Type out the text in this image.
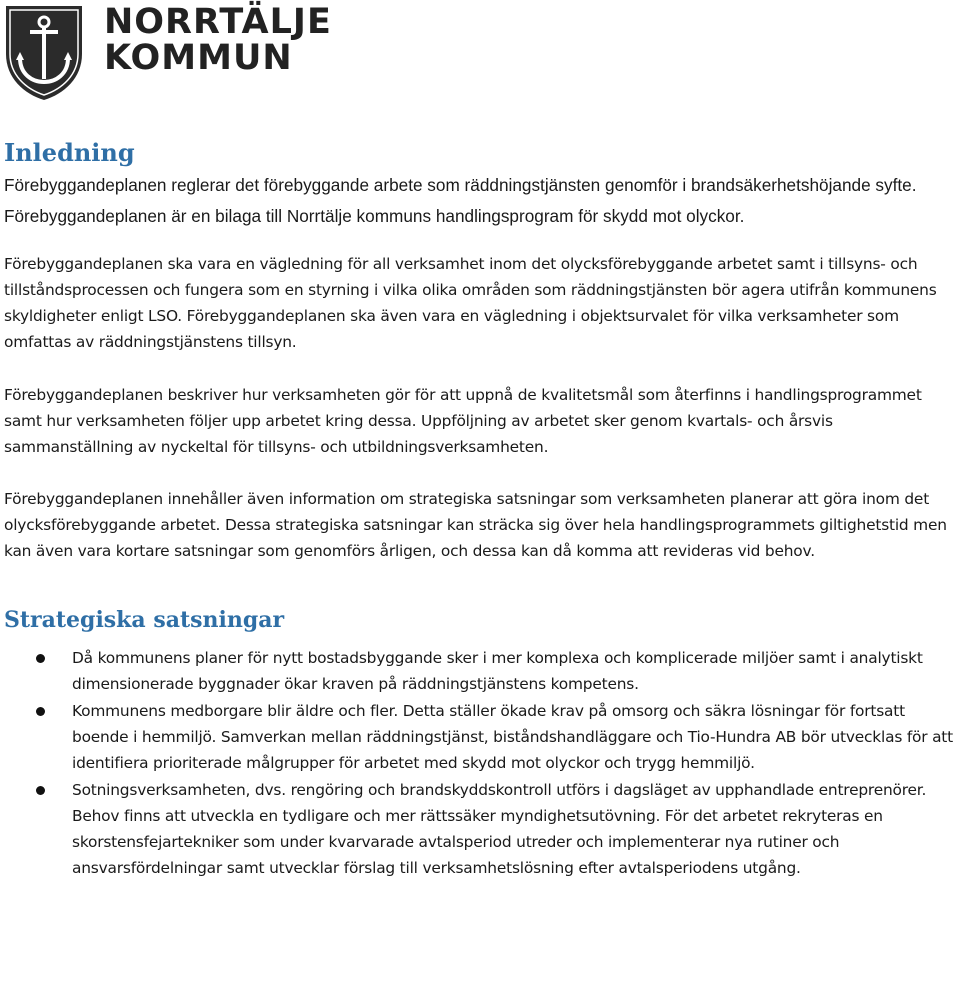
NORRTÄLJE
KOMMUN
Inledning

Förebyggandeplanen reglerar det förebyggande arbete som räddningstjänsten genomför i brandsäkerhetshöjande syfte. Förebyggandeplanen är en bilaga till Norrtälje kommuns handlingsprogram för skydd mot olyckor.

Förebyggandeplanen ska vara en vägledning för all verksamhet inom det olycksförebyggande arbetet samt i tillsyns- och tillståndsprocessen och fungera som en styrning i vilka olika områden som räddningstjänsten bör agera utifrån kommunens skyldigheter enligt LSO. Förebyggandeplanen ska även vara en vägledning i objektsurvalet för vilka verksamheter som omfattas av räddningstjänstens tillsyn.

Förebyggandeplanen beskriver hur verksamheten gör för att uppnå de kvalitetsmål som återfinns i handlingsprogrammet samt hur verksamheten följer upp arbetet kring dessa. Uppföljning av arbetet sker genom kvartals- och årsvis sammanställning av nyckeltal för tillsyns- och utbildningsverksamheten.

Förebyggandeplanen innehåller även information om strategiska satsningar som verksamheten planerar att göra inom det olycksförebyggande arbetet. Dessa strategiska satsningar kan sträcka sig över hela handlingsprogrammets giltighetstid men kan även vara kortare satsningar som genomförs årligen, och dessa kan då komma att revideras vid behov.

Strategiska satsningar
Då kommunens planer för nytt bostadsbyggande sker i mer komplexa och komplicerade miljöer samt i analytiskt dimensionerade byggnader ökar kraven på räddningstjänstens kompetens.
Kommunens medborgare blir äldre och fler. Detta ställer ökade krav på omsorg och säkra lösningar för fortsatt boende i hemmiljö. Samverkan mellan räddningstjänst, biståndshandläggare och Tio-Hundra AB bör utvecklas för att identifiera prioriterade målgrupper för arbetet med skydd mot olyckor och trygg hemmiljö.
Sotningsverksamheten, dvs. rengöring och brandskyddskontroll utförs i dagsläget av upphandlade entreprenörer. Behov finns att utveckla en tydligare och mer rättssäker myndighetsutövning. För det arbetet rekryteras en skorstensfejartekniker som under kvarvarade avtalsperiod utreder och implementerar nya rutiner och ansvarsfördelningar samt utvecklar förslag till verksamhetslösning efter avtalsperiodens utgång.
